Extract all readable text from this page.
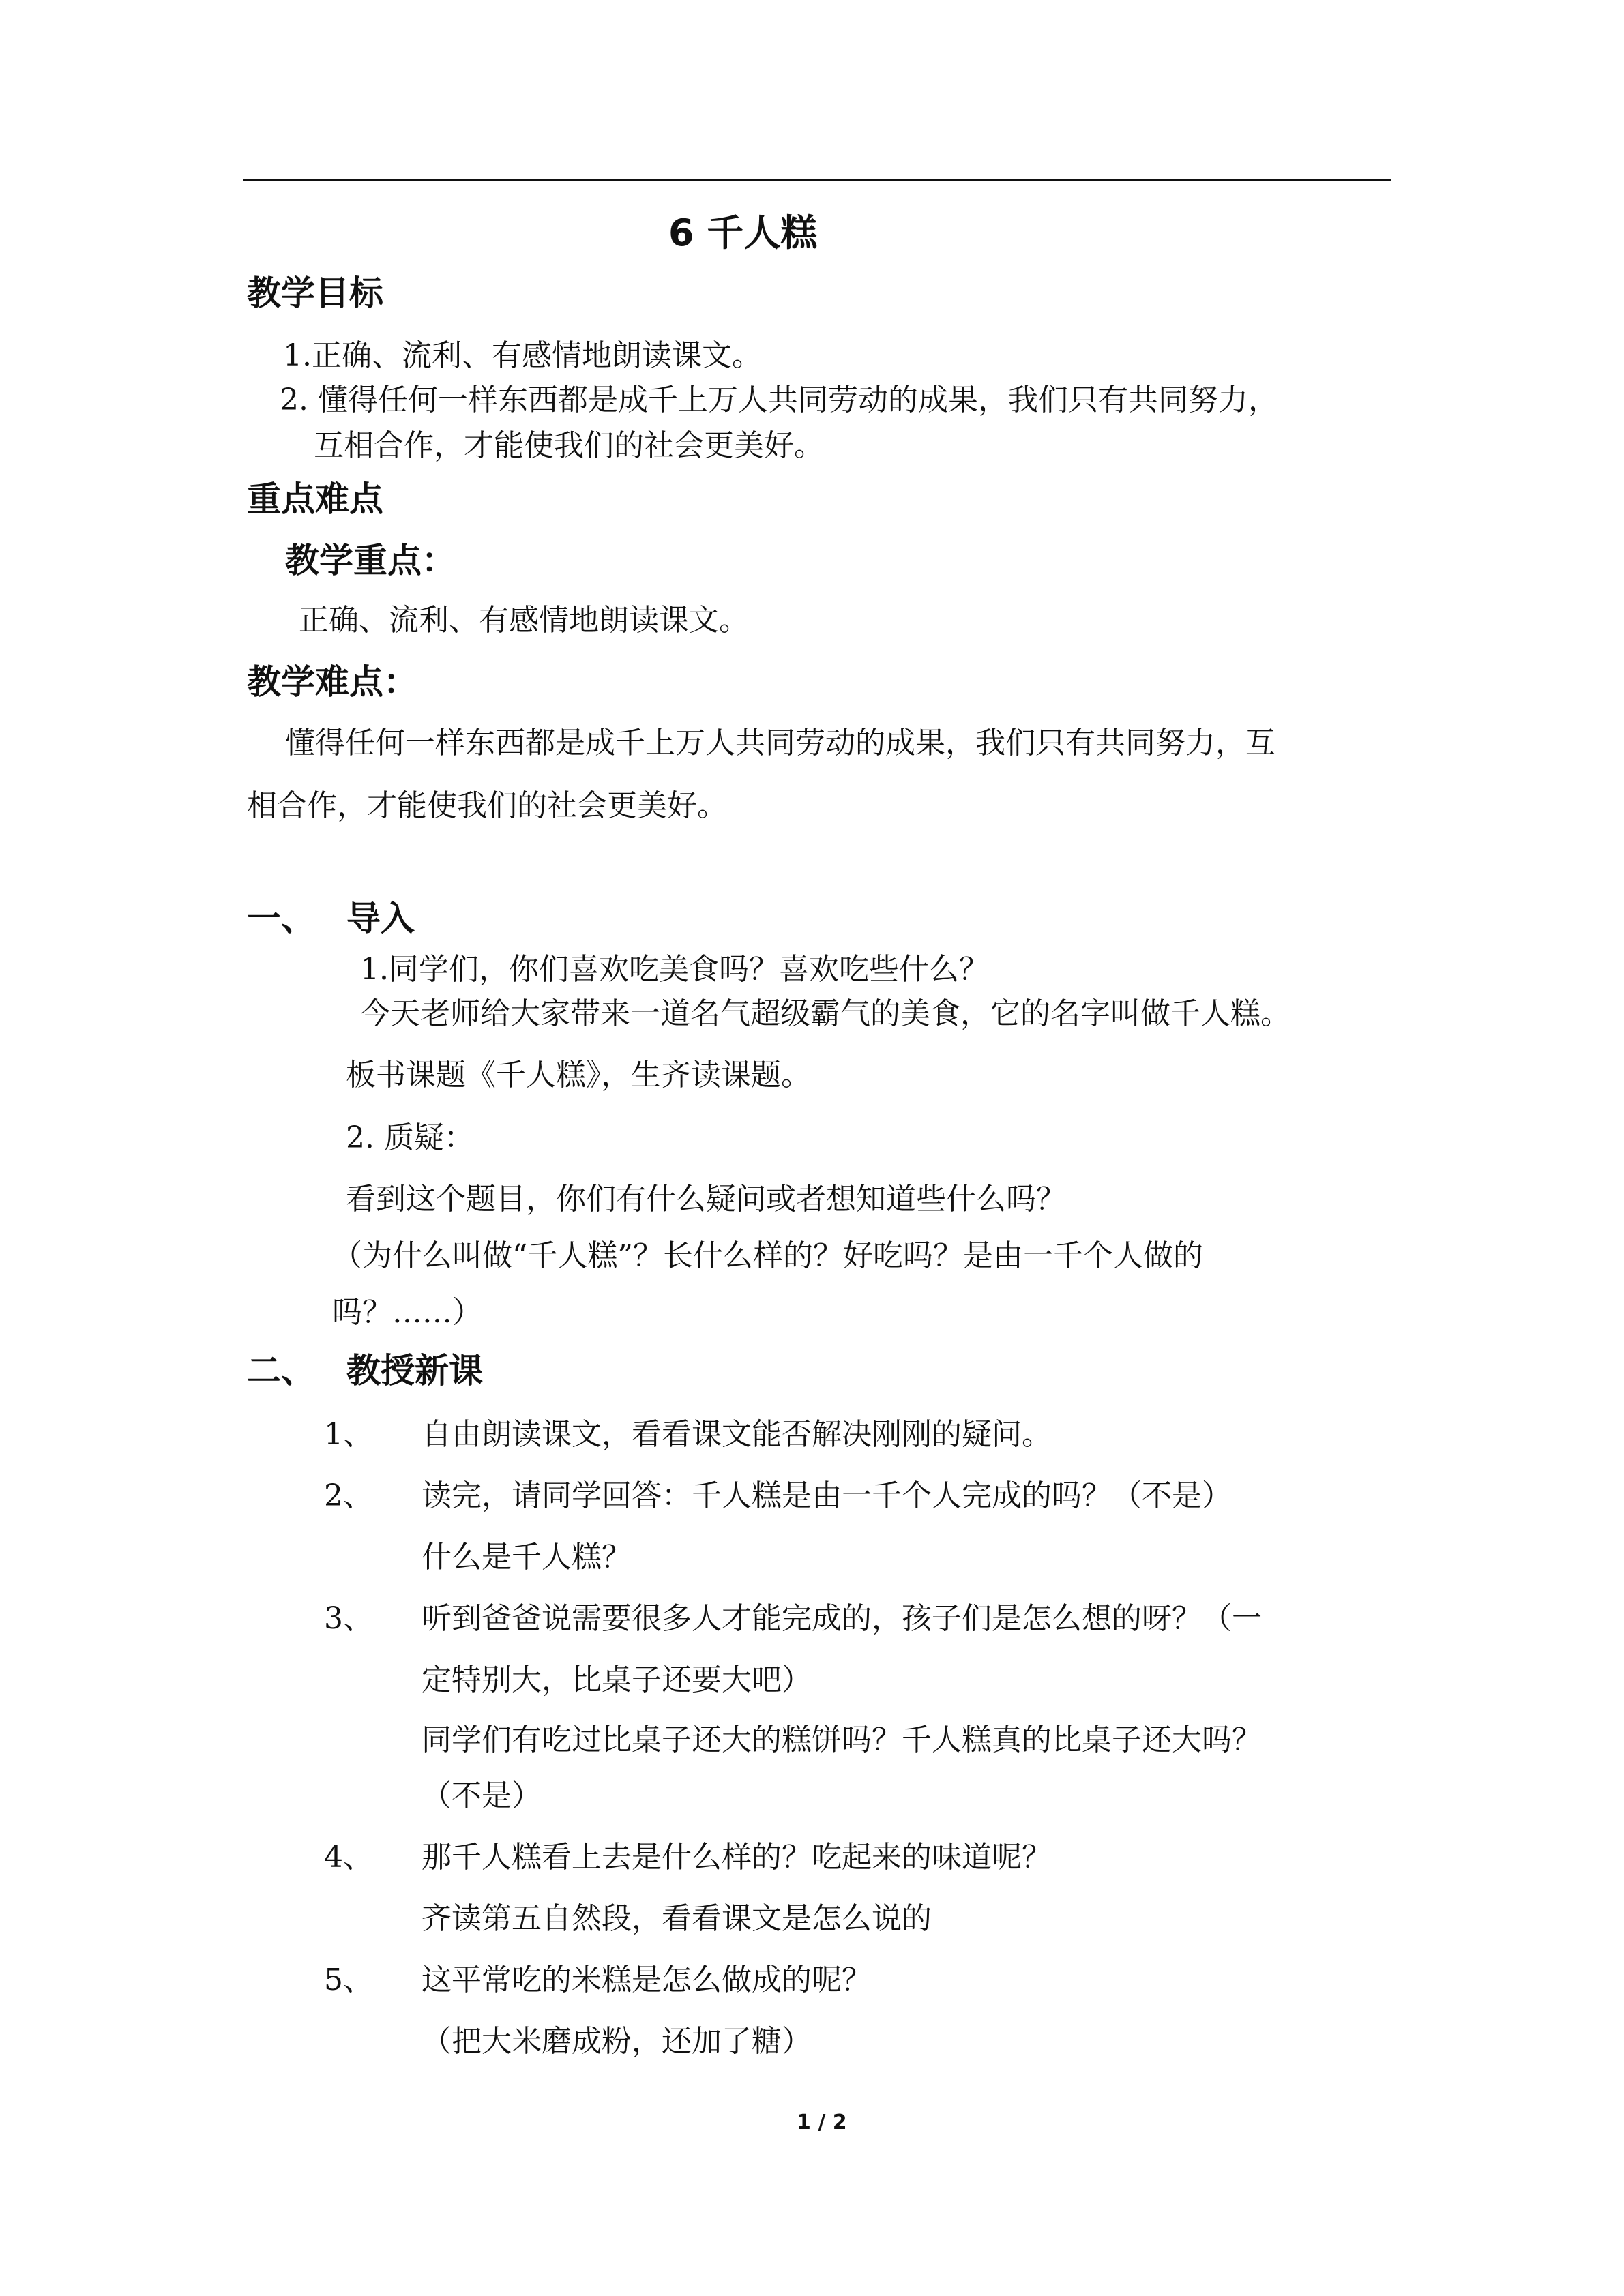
6 千人糕
教学目标
1.正确、流利、有感情地朗读课文。
2. 懂得任何一样东西都是成千上万人共同劳动的成果，我们只有共同努力，
互相合作，才能使我们的社会更美好。
重点难点
教学重点：
正确、流利、有感情地朗读课文。
教学难点：
懂得任何一样东西都是成千上万人共同劳动的成果，我们只有共同努力，互
相合作，才能使我们的社会更美好。
一、 导入
1.同学们，你们喜欢吃美食吗？喜欢吃些什么？
今天老师给大家带来一道名气超级霸气的美食，它的名字叫做千人糕。
板书课题《千人糕》，生齐读课题。
2. 质疑：
看到这个题目，你们有什么疑问或者想知道些什么吗？
（为什么叫做“千人糕”？长什么样的？好吃吗？是由一千个人做的
吗？……）
二、 教授新课
1、 自由朗读课文，看看课文能否解决刚刚的疑问。
2、 读完，请同学回答：千人糕是由一千个人完成的吗？（不是）
什么是千人糕？
3、 听到爸爸说需要很多人才能完成的，孩子们是怎么想的呀？（一
定特别大，比桌子还要大吧）
同学们有吃过比桌子还大的糕饼吗？千人糕真的比桌子还大吗？
（不是）
4、 那千人糕看上去是什么样的？吃起来的味道呢？
齐读第五自然段，看看课文是怎么说的
5、 这平常吃的米糕是怎么做成的呢？
（把大米磨成粉，还加了糖）
1 / 2
